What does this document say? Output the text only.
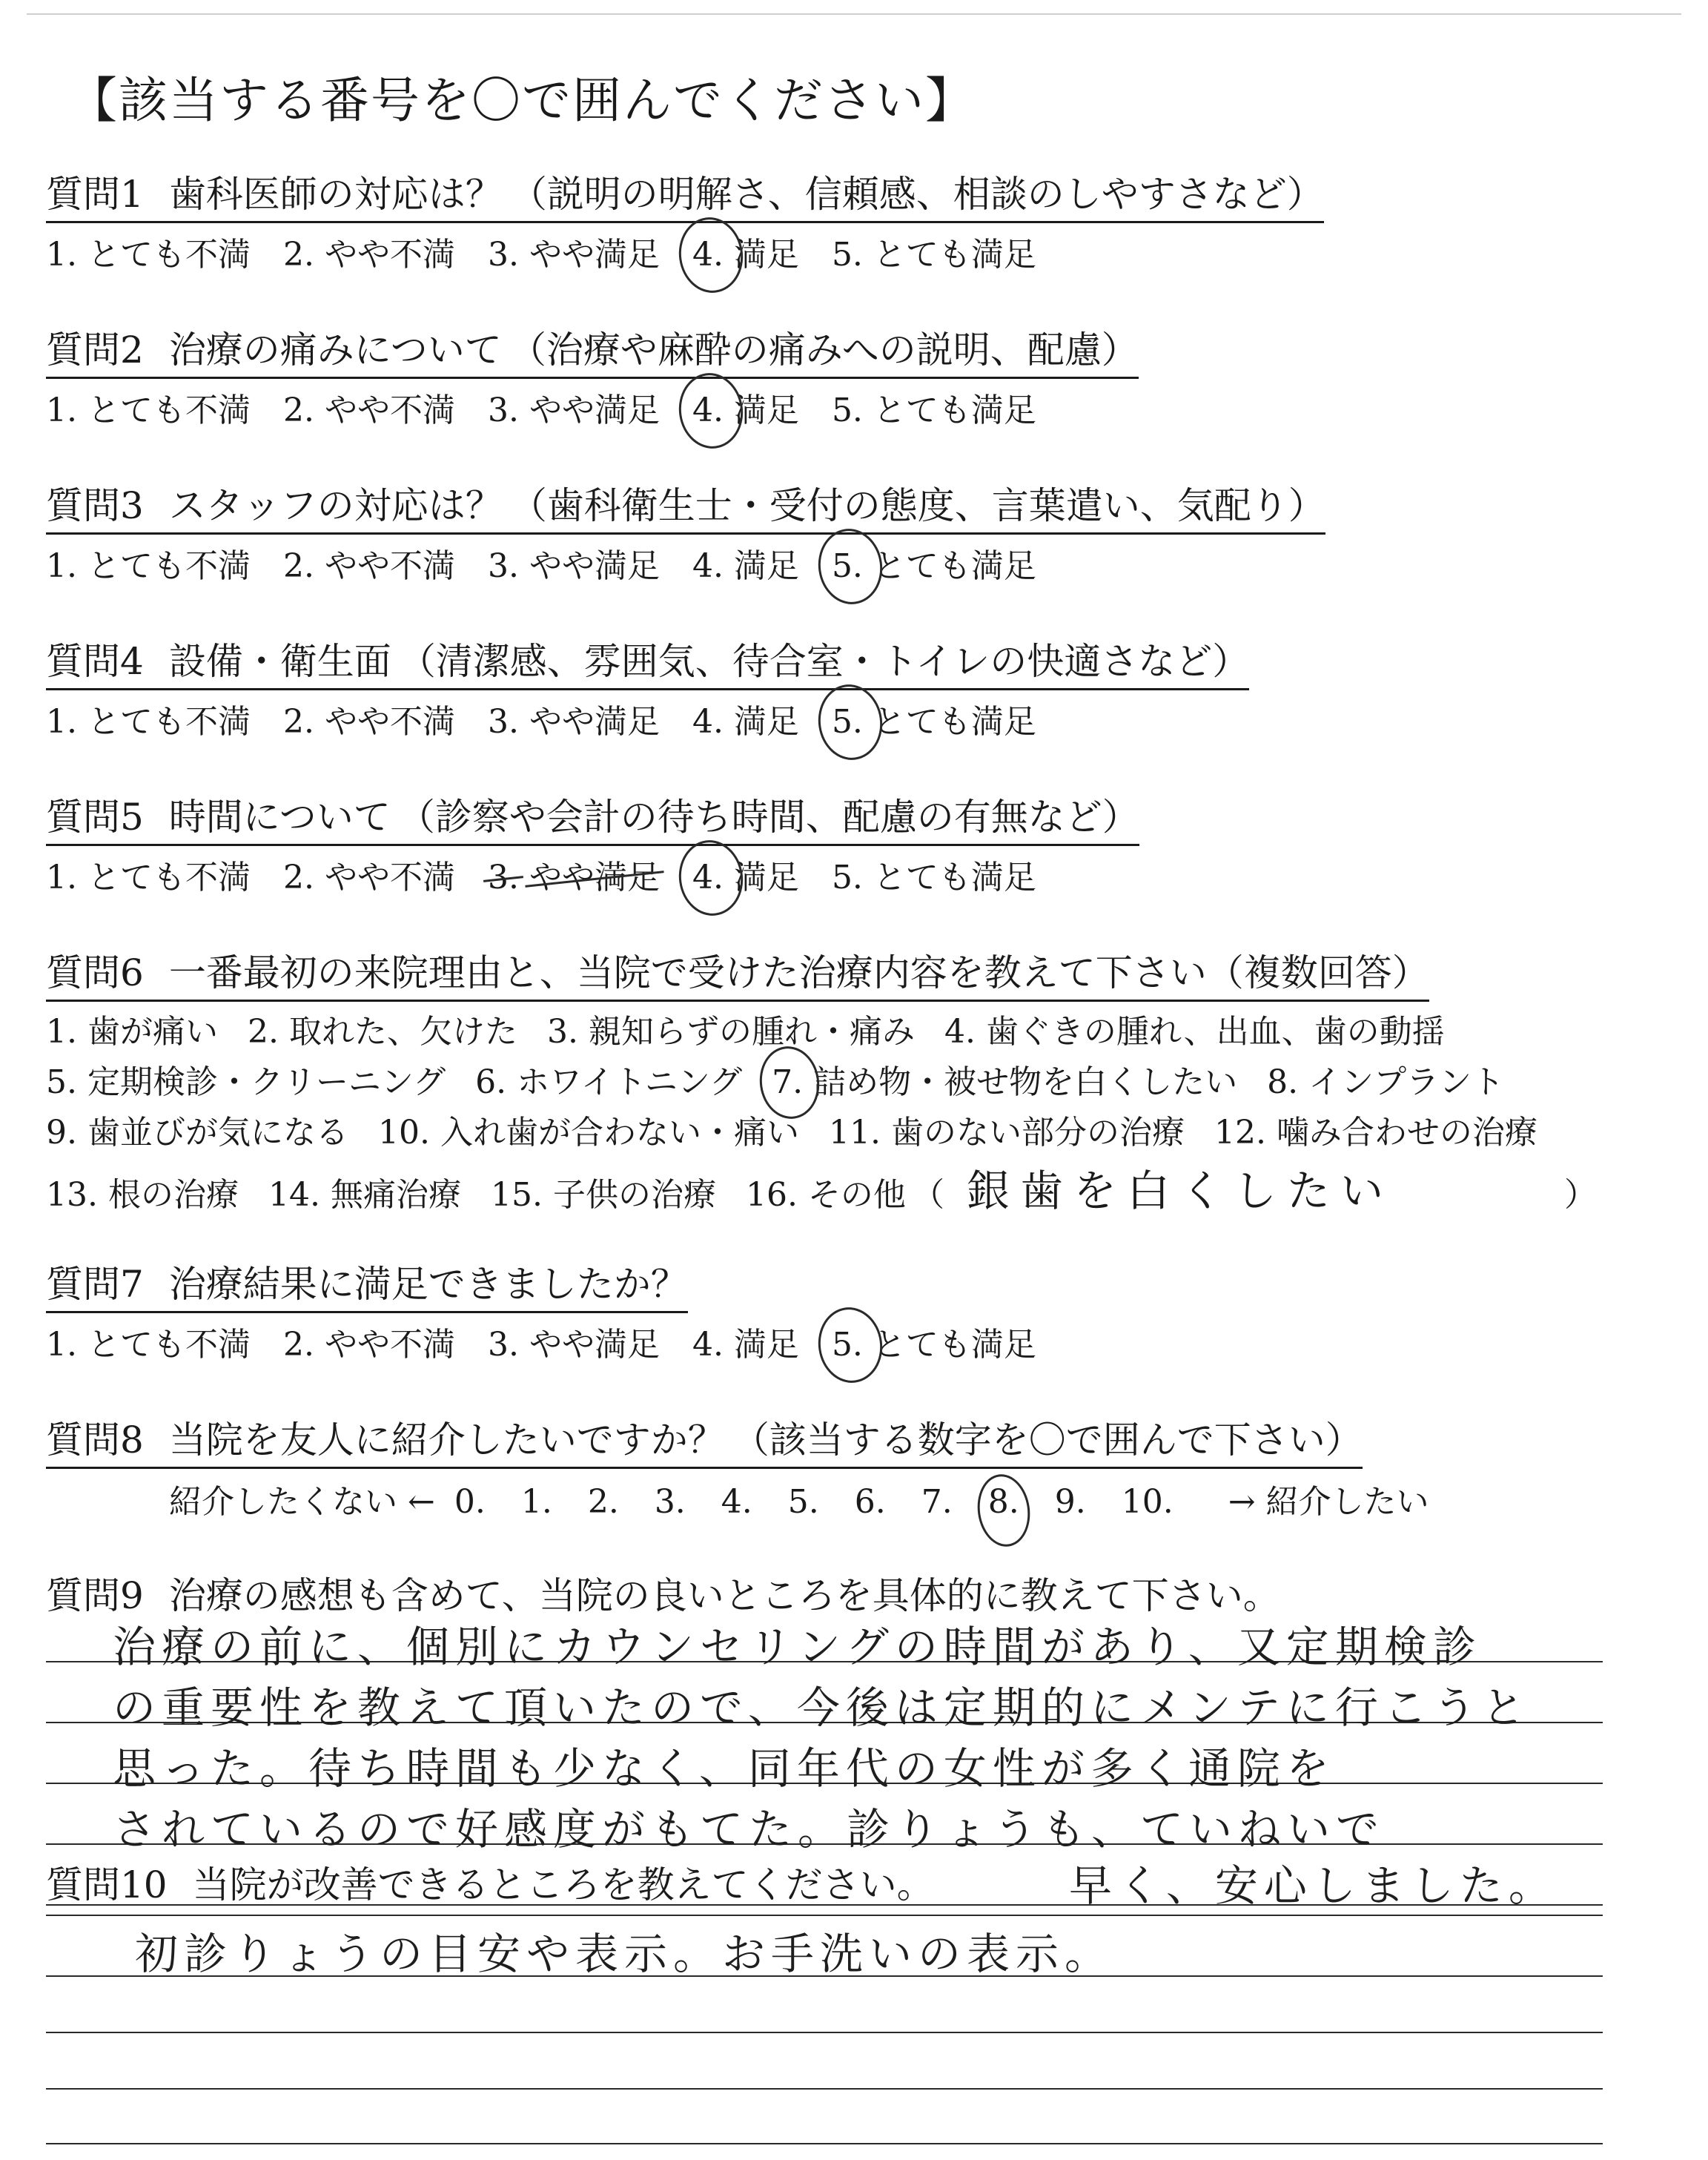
【該当する番号を〇で囲んでください】
質問1 歯科医師の対応は？ （説明の明解さ、信頼感、相談のしやすさなど）
1. とても不満 2. やや不満 3. やや満足 4. 満足 5. とても満足
質問2 治療の痛みについて （治療や麻酔の痛みへの説明、配慮）
1. とても不満 2. やや不満 3. やや満足 4. 満足 5. とても満足
質問3 スタッフの対応は？ （歯科衛生士・受付の態度、言葉遣い、気配り）
1. とても不満 2. やや不満 3. やや満足 4. 満足 5. とても満足
質問4 設備・衛生面 （清潔感、雰囲気、待合室・トイレの快適さなど）
1. とても不満 2. やや不満 3. やや満足 4. 満足 5. とても満足
質問5 時間について （診察や会計の待ち時間、配慮の有無など）
1. とても不満 2. やや不満 3. やや満足 4. 満足 5. とても満足
質問6 一番最初の来院理由と、当院で受けた治療内容を教えて下さい（複数回答）
1. 歯が痛い 2. 取れた、欠けた 3. 親知らずの腫れ・痛み 4. 歯ぐきの腫れ、出血、歯の動揺
5. 定期検診・クリーニング 6. ホワイトニング 7. 詰め物・被せ物を白くしたい 8. インプラント
9. 歯並びが気になる 10. 入れ歯が合わない・痛い 11. 歯のない部分の治療 12. 噛み合わせの治療
13. 根の治療 14. 無痛治療 15. 子供の治療 16. その他 （ 銀歯を白くしたい	）
質問7 治療結果に満足できましたか？
1. とても不満 2. やや不満 3. やや満足 4. 満足 5. とても満足
質問8 当院を友人に紹介したいですか？ （該当する数字を〇で囲んで下さい）
紹介したくない ← 0. 1. 2. 3. 4. 5. 6. 7. 8. 9. 10. → 紹介したい
質問9 治療の感想も含めて、当院の良いところを具体的に教えて下さい。
治療の前に、個別にカウンセリングの時間があり、又定期検診
の重要性を教えて頂いたので、今後は定期的にメンテに行こうと
思った。待ち時間も少なく、同年代の女性が多く通院を
されているので好感度がもてた。診りょうも、ていねいで
早く、安心しました。
質問10 当院が改善できるところを教えてください。
初診りょうの目安や表示。お手洗いの表示。
